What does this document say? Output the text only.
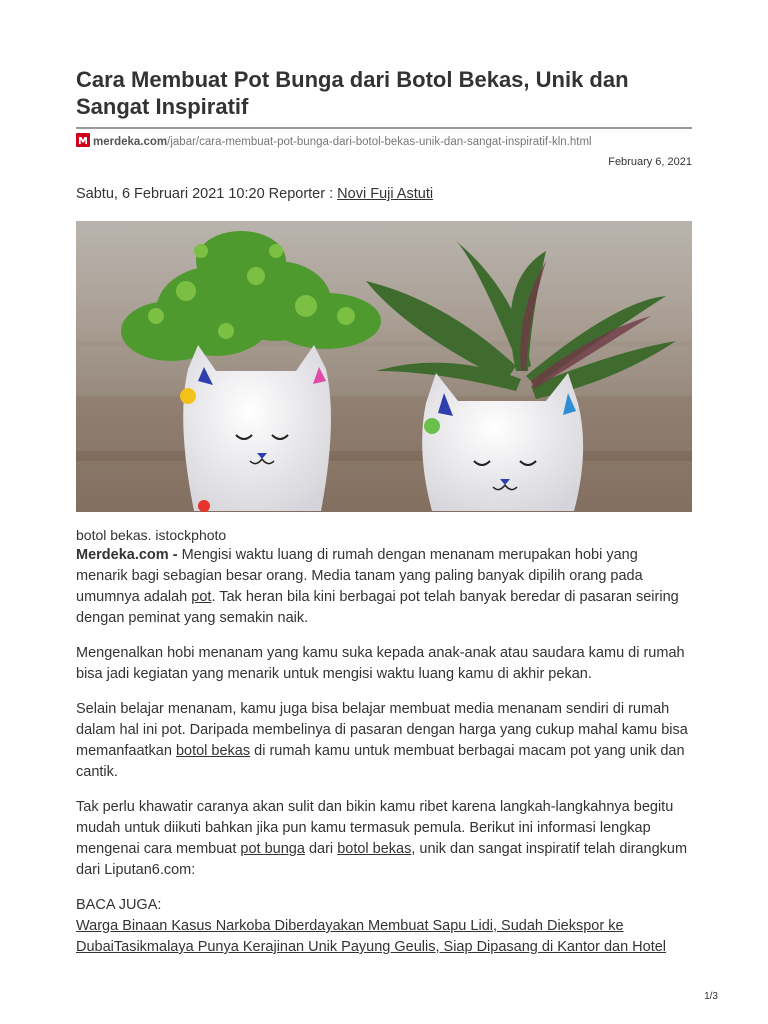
Cara Membuat Pot Bunga dari Botol Bekas, Unik dan Sangat Inspiratif
merdeka.com/jabar/cara-membuat-pot-bunga-dari-botol-bekas-unik-dan-sangat-inspiratif-kln.html
February 6, 2021
Sabtu, 6 Februari 2021 10:20 Reporter : Novi Fuji Astuti
botol bekas. istockphoto

Merdeka.com - Mengisi waktu luang di rumah dengan menanam merupakan hobi yang menarik bagi sebagian besar orang. Media tanam yang paling banyak dipilih orang pada umumnya adalah pot. Tak heran bila kini berbagai pot telah banyak beredar di pasaran seiring dengan peminat yang semakin naik.

Mengenalkan hobi menanam yang kamu suka kepada anak-anak atau saudara kamu di rumah bisa jadi kegiatan yang menarik untuk mengisi waktu luang kamu di akhir pekan.

Selain belajar menanam, kamu juga bisa belajar membuat media menanam sendiri di rumah dalam hal ini pot. Daripada membelinya di pasaran dengan harga yang cukup mahal kamu bisa memanfaatkan botol bekas di rumah kamu untuk membuat berbagai macam pot yang unik dan cantik.

Tak perlu khawatir caranya akan sulit dan bikin kamu ribet karena langkah-langkahnya begitu mudah untuk diikuti bahkan jika pun kamu termasuk pemula. Berikut ini informasi lengkap mengenai cara membuat pot bunga dari botol bekas, unik dan sangat inspiratif telah dirangkum dari Liputan6.com:

BACA JUGA:
Warga Binaan Kasus Narkoba Diberdayakan Membuat Sapu Lidi, Sudah Diekspor ke DubaiTasikmalaya Punya Kerajinan Unik Payung Geulis, Siap Dipasang di Kantor dan Hotel

1/3
